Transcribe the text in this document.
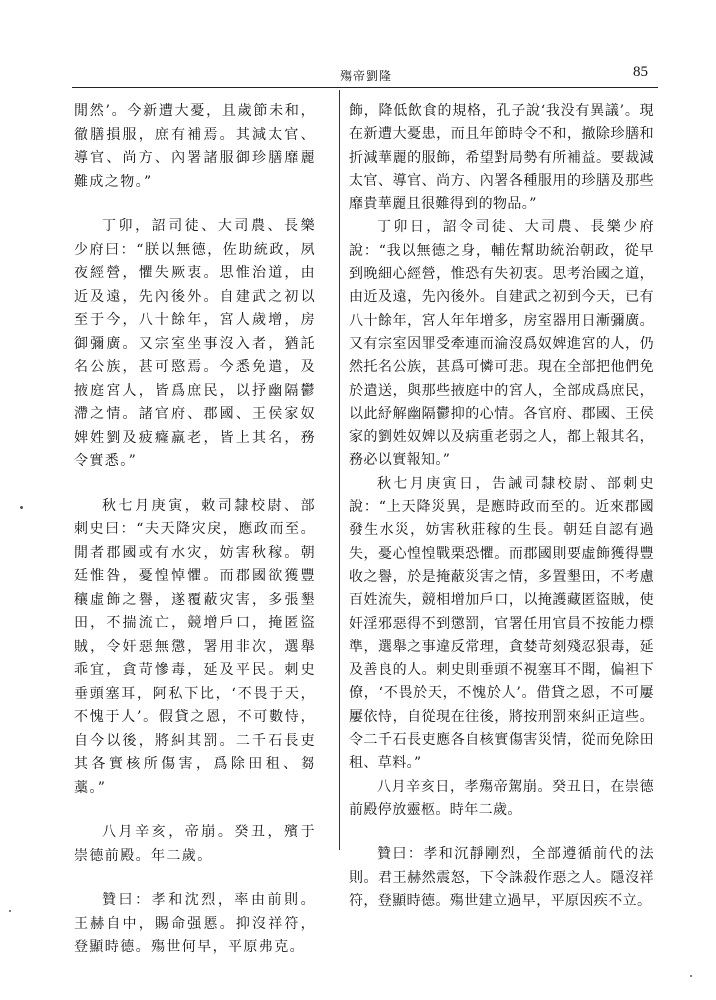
殤帝劉隆	85

閒然’。今新遭大憂，且歲節未和，徹膳損服，庶有補焉。其減太官、導官、尚方、內署諸服御珍膳靡麗難成之物。”

丁卯，詔司徒、大司農、長樂少府曰：“朕以無德，佐助統政，夙夜經營，懼失厥衷。思惟治道，由近及遠，先內後外。自建武之初以至于今，八十餘年，宮人歲增，房御彌廣。又宗室坐事沒入者，猶託名公族，甚可愍焉。今悉免遣，及掖庭宮人，皆爲庶民，以抒幽隔鬱滯之情。諸官府、郡國、王侯家奴婢姓劉及疲癃羸老，皆上其名，務令實悉。”

秋七月庚寅，敕司隸校尉、部刺史曰：“夫天降灾戾，應政而至。閒者郡國或有水灾，妨害秋稼。朝廷惟咎，憂惶悼懼。而郡國欲獲豐穰虛飾之譽，遂覆蔽灾害，多張墾田，不揣流亡，競增戶口，掩匿盜賊，令奸惡無懲，署用非次，選舉乖宜，貪苛慘毒，延及平民。刺史垂頭塞耳，阿私下比，‘不畏于天，不愧于人’。假貸之恩，不可數恃，自今以後，將糾其罰。二千石長吏其各實核所傷害，爲除田租、芻藁。”

八月辛亥，帝崩。癸丑，殯于崇德前殿。年二歲。

贊曰：孝和沈烈，率由前則。王赫自中，賜命强慝。抑沒祥符，登顯時德。殤世何早，平原弗克。

飾，降低飲食的規格，孔子說‘我没有異議’。現在新遭大憂患，而且年節時令不和，撤除珍膳和折減華麗的服飾，希望對局勢有所補益。要裁減太官、導官、尚方、內署各種服用的珍膳及那些靡貴華麗且很難得到的物品。”

丁卯日，詔令司徒、大司農、長樂少府說：“我以無德之身，輔佐幫助統治朝政，從早到晚細心經營，惟恐有失初衷。思考治國之道，由近及遠，先內後外。自建武之初到今天，已有八十餘年，宮人年年增多，房室器用日漸彌廣。又有宗室因罪受牽連而淪沒爲奴婢進宮的人，仍然托名公族，甚爲可憐可悲。現在全部把他們免於遣送，與那些掖庭中的宮人，全部成爲庶民，以此紓解幽隔鬱抑的心情。各官府、郡國、王侯家的劉姓奴婢以及病重老弱之人，都上報其名，務必以實報知。”

秋七月庚寅日，告誡司隸校尉、部刺史說：“上天降災異，是應時政而至的。近來郡國發生水災，妨害秋莊稼的生長。朝廷自認有過失，憂心惶惶戰栗恐懼。而郡國則要虛飾獲得豐收之譽，於是掩蔽災害之情，多置墾田，不考慮百姓流失，競相增加戶口，以掩護藏匿盜賊，使奸淫邪惡得不到懲罰，官署任用官員不按能力標準，選舉之事違反常理，貪婪苛刻殘忍狠毒，延及善良的人。刺史則垂頭不視塞耳不聞，偏袒下僚，‘不畏於天，不愧於人’。借貸之恩，不可屢屢依恃，自從現在往後，將按刑罰來糾正這些。令二千石長吏應各自核實傷害災情，從而免除田租、草料。”

八月辛亥日，孝殤帝駕崩。癸丑日，在崇德前殿停放靈柩。時年二歲。

贊曰：孝和沉靜剛烈，全部遵循前代的法則。君王赫然震怒，下令誅殺作惡之人。隱沒祥符，登顯時德。殤世建立過早，平原因疾不立。
